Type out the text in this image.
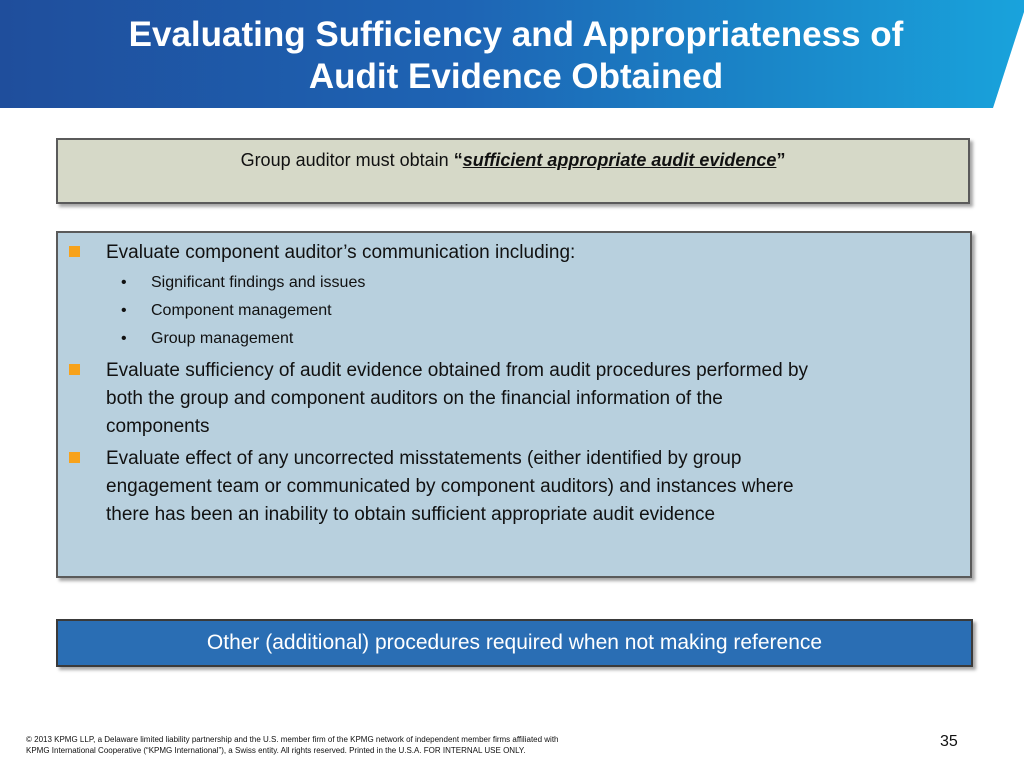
Evaluating Sufficiency and Appropriateness of
Audit Evidence Obtained
Group auditor must obtain “sufficient appropriate audit evidence”
Evaluate component auditor’s communication including:
• Significant findings and issues
• Component management
• Group management
Evaluate sufficiency of audit evidence obtained from audit procedures performed by
both the group and component auditors on the financial information of the
components
Evaluate effect of any uncorrected misstatements (either identified by group
engagement team or communicated by component auditors) and instances where
there has been an inability to obtain sufficient appropriate audit evidence
Other (additional) procedures required when not making reference
© 2013 KPMG LLP, a Delaware limited liability partnership and the U.S. member firm of the KPMG network of independent member firms affiliated with
KPMG International Cooperative (“KPMG International”), a Swiss entity. All rights reserved. Printed in the U.S.A. FOR INTERNAL USE ONLY.
35
